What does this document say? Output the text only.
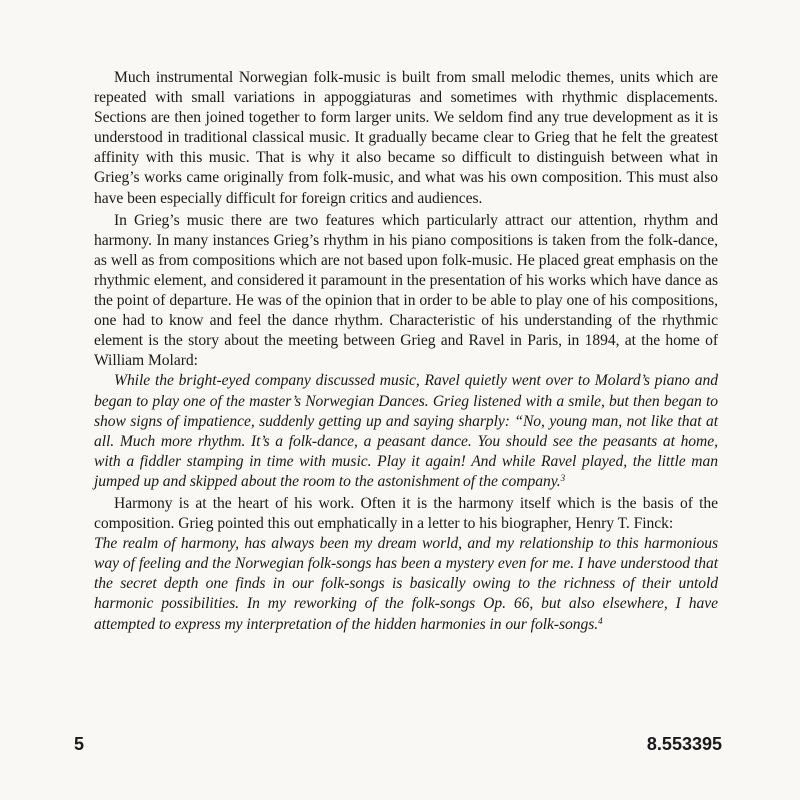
Much instrumental Norwegian folk-music is built from small melodic themes, units which are repeated with small variations in appoggiaturas and sometimes with rhythmic displacements. Sections are then joined together to form larger units. We seldom find any true development as it is understood in traditional classical music. It gradually became clear to Grieg that he felt the greatest affinity with this music. That is why it also became so difficult to distinguish between what in Grieg’s works came originally from folk-music, and what was his own composition. This must also have been especially difficult for foreign critics and audiences.

In Grieg’s music there are two features which particularly attract our attention, rhythm and harmony. In many instances Grieg’s rhythm in his piano compositions is taken from the folk-dance, as well as from compositions which are not based upon folk-music. He placed great emphasis on the rhythmic element, and considered it paramount in the presentation of his works which have dance as the point of departure. He was of the opinion that in order to be able to play one of his compositions, one had to know and feel the dance rhythm. Characteristic of his understanding of the rhythmic element is the story about the meeting between Grieg and Ravel in Paris, in 1894, at the home of William Molard:

While the bright-eyed company discussed music, Ravel quietly went over to Molard’s piano and began to play one of the master’s Norwegian Dances. Grieg listened with a smile, but then began to show signs of impatience, suddenly getting up and saying sharply: “No, young man, not like that at all. Much more rhythm. It’s a folk-dance, a peasant dance. You should see the peasants at home, with a fiddler stamping in time with music. Play it again! And while Ravel played, the little man jumped up and skipped about the room to the astonishment of the company.$^3$

Harmony is at the heart of his work. Often it is the harmony itself which is the basis of the composition. Grieg pointed this out emphatically in a letter to his biographer, Henry T. Finck:

The realm of harmony, has always been my dream world, and my relationship to this harmonious way of feeling and the Norwegian folk-songs has been a mystery even for me. I have understood that the secret depth one finds in our folk-songs is basically owing to the richness of their untold harmonic possibilities. In my reworking of the folk-songs Op. 66, but also elsewhere, I have attempted to express my interpretation of the hidden harmonies in our folk-songs.$^4$

5	8.553395
